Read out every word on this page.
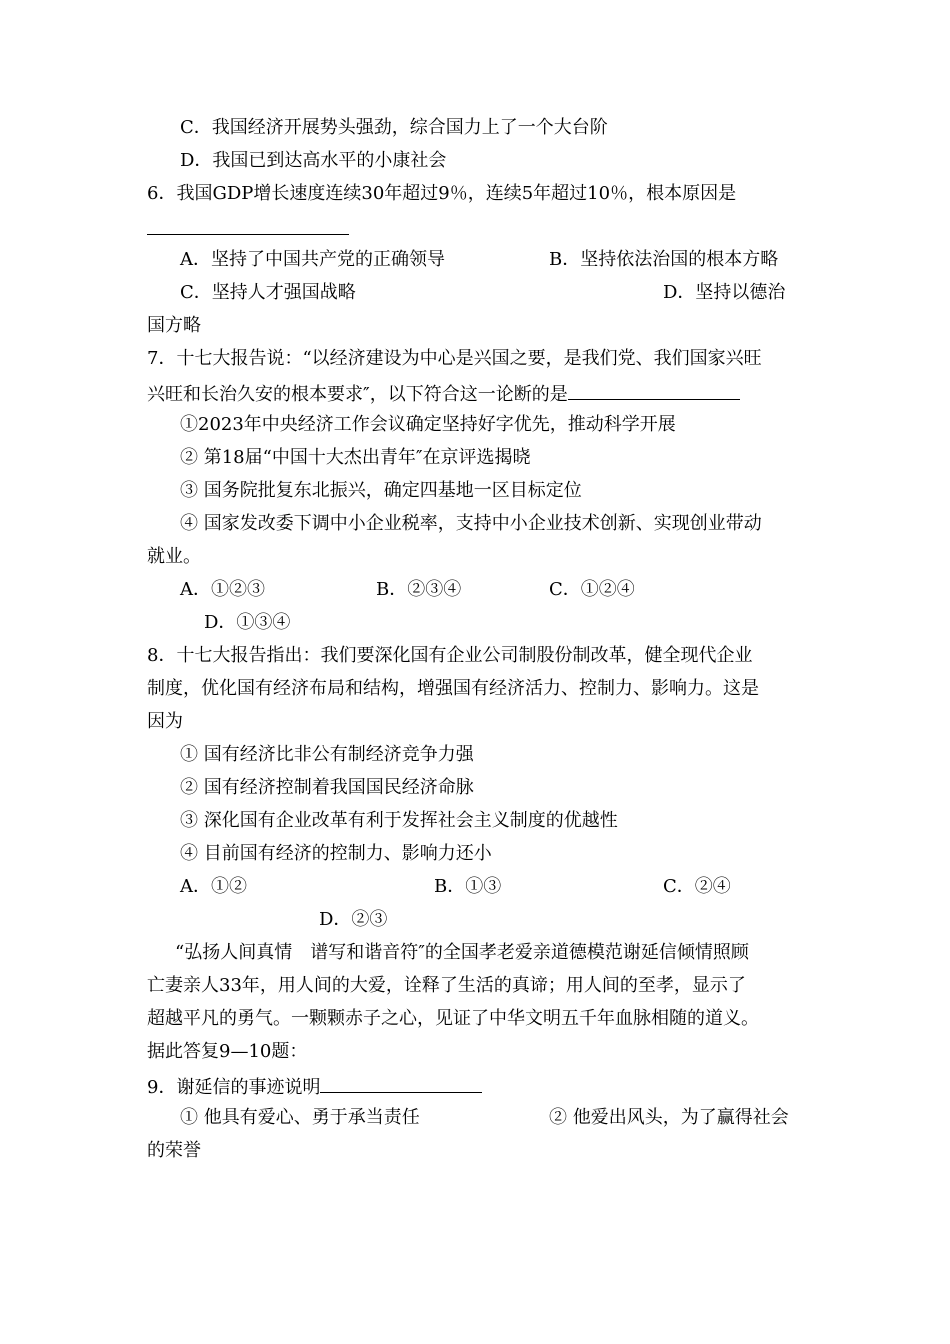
C．我国经济开展势头强劲，综合国力上了一个大台阶
D．我国已到达高水平的小康社会
6．我国GDP增长速度连续30年超过9％，连续5年超过10％，根本原因是
A．坚持了中国共产党的正确领导	B．坚持依法治国的根本方略
C．坚持人才强国战略	D．坚持以德治
国方略
7．十七大报告说：“以经济建设为中心是兴国之要，是我们党、我们国家兴旺
兴旺和长治久安的根本要求″，以下符合这一论断的是
①2023年中央经济工作会议确定坚持好字优先，推动科学开展
② 第18届“中国十大杰出青年″在京评选揭晓
③ 国务院批复东北振兴，确定四基地一区目标定位
④ 国家发改委下调中小企业税率，支持中小企业技术创新、实现创业带动
就业。
A．①②③	B．②③④	C．①②④
D．①③④
8．十七大报告指出：我们要深化国有企业公司制股份制改革，健全现代企业
制度，优化国有经济布局和结构，增强国有经济活力、控制力、影响力。这是
因为
① 国有经济比非公有制经济竞争力强
② 国有经济控制着我国国民经济命脉
③ 深化国有企业改革有利于发挥社会主义制度的优越性
④ 目前国有经济的控制力、影响力还小
A．①②	B．①③	C．②④
D．②③
“弘扬人间真情　谱写和谐音符″的全国孝老爱亲道德模范谢延信倾情照顾
亡妻亲人33年，用人间的大爱，诠释了生活的真谛；用人间的至孝，显示了
超越平凡的勇气。一颗颗赤子之心，见证了中华文明五千年血脉相随的道义。
据此答复9—10题：
9．谢延信的事迹说明
① 他具有爱心、勇于承当责任	② 他爱出风头，为了赢得社会
的荣誉
